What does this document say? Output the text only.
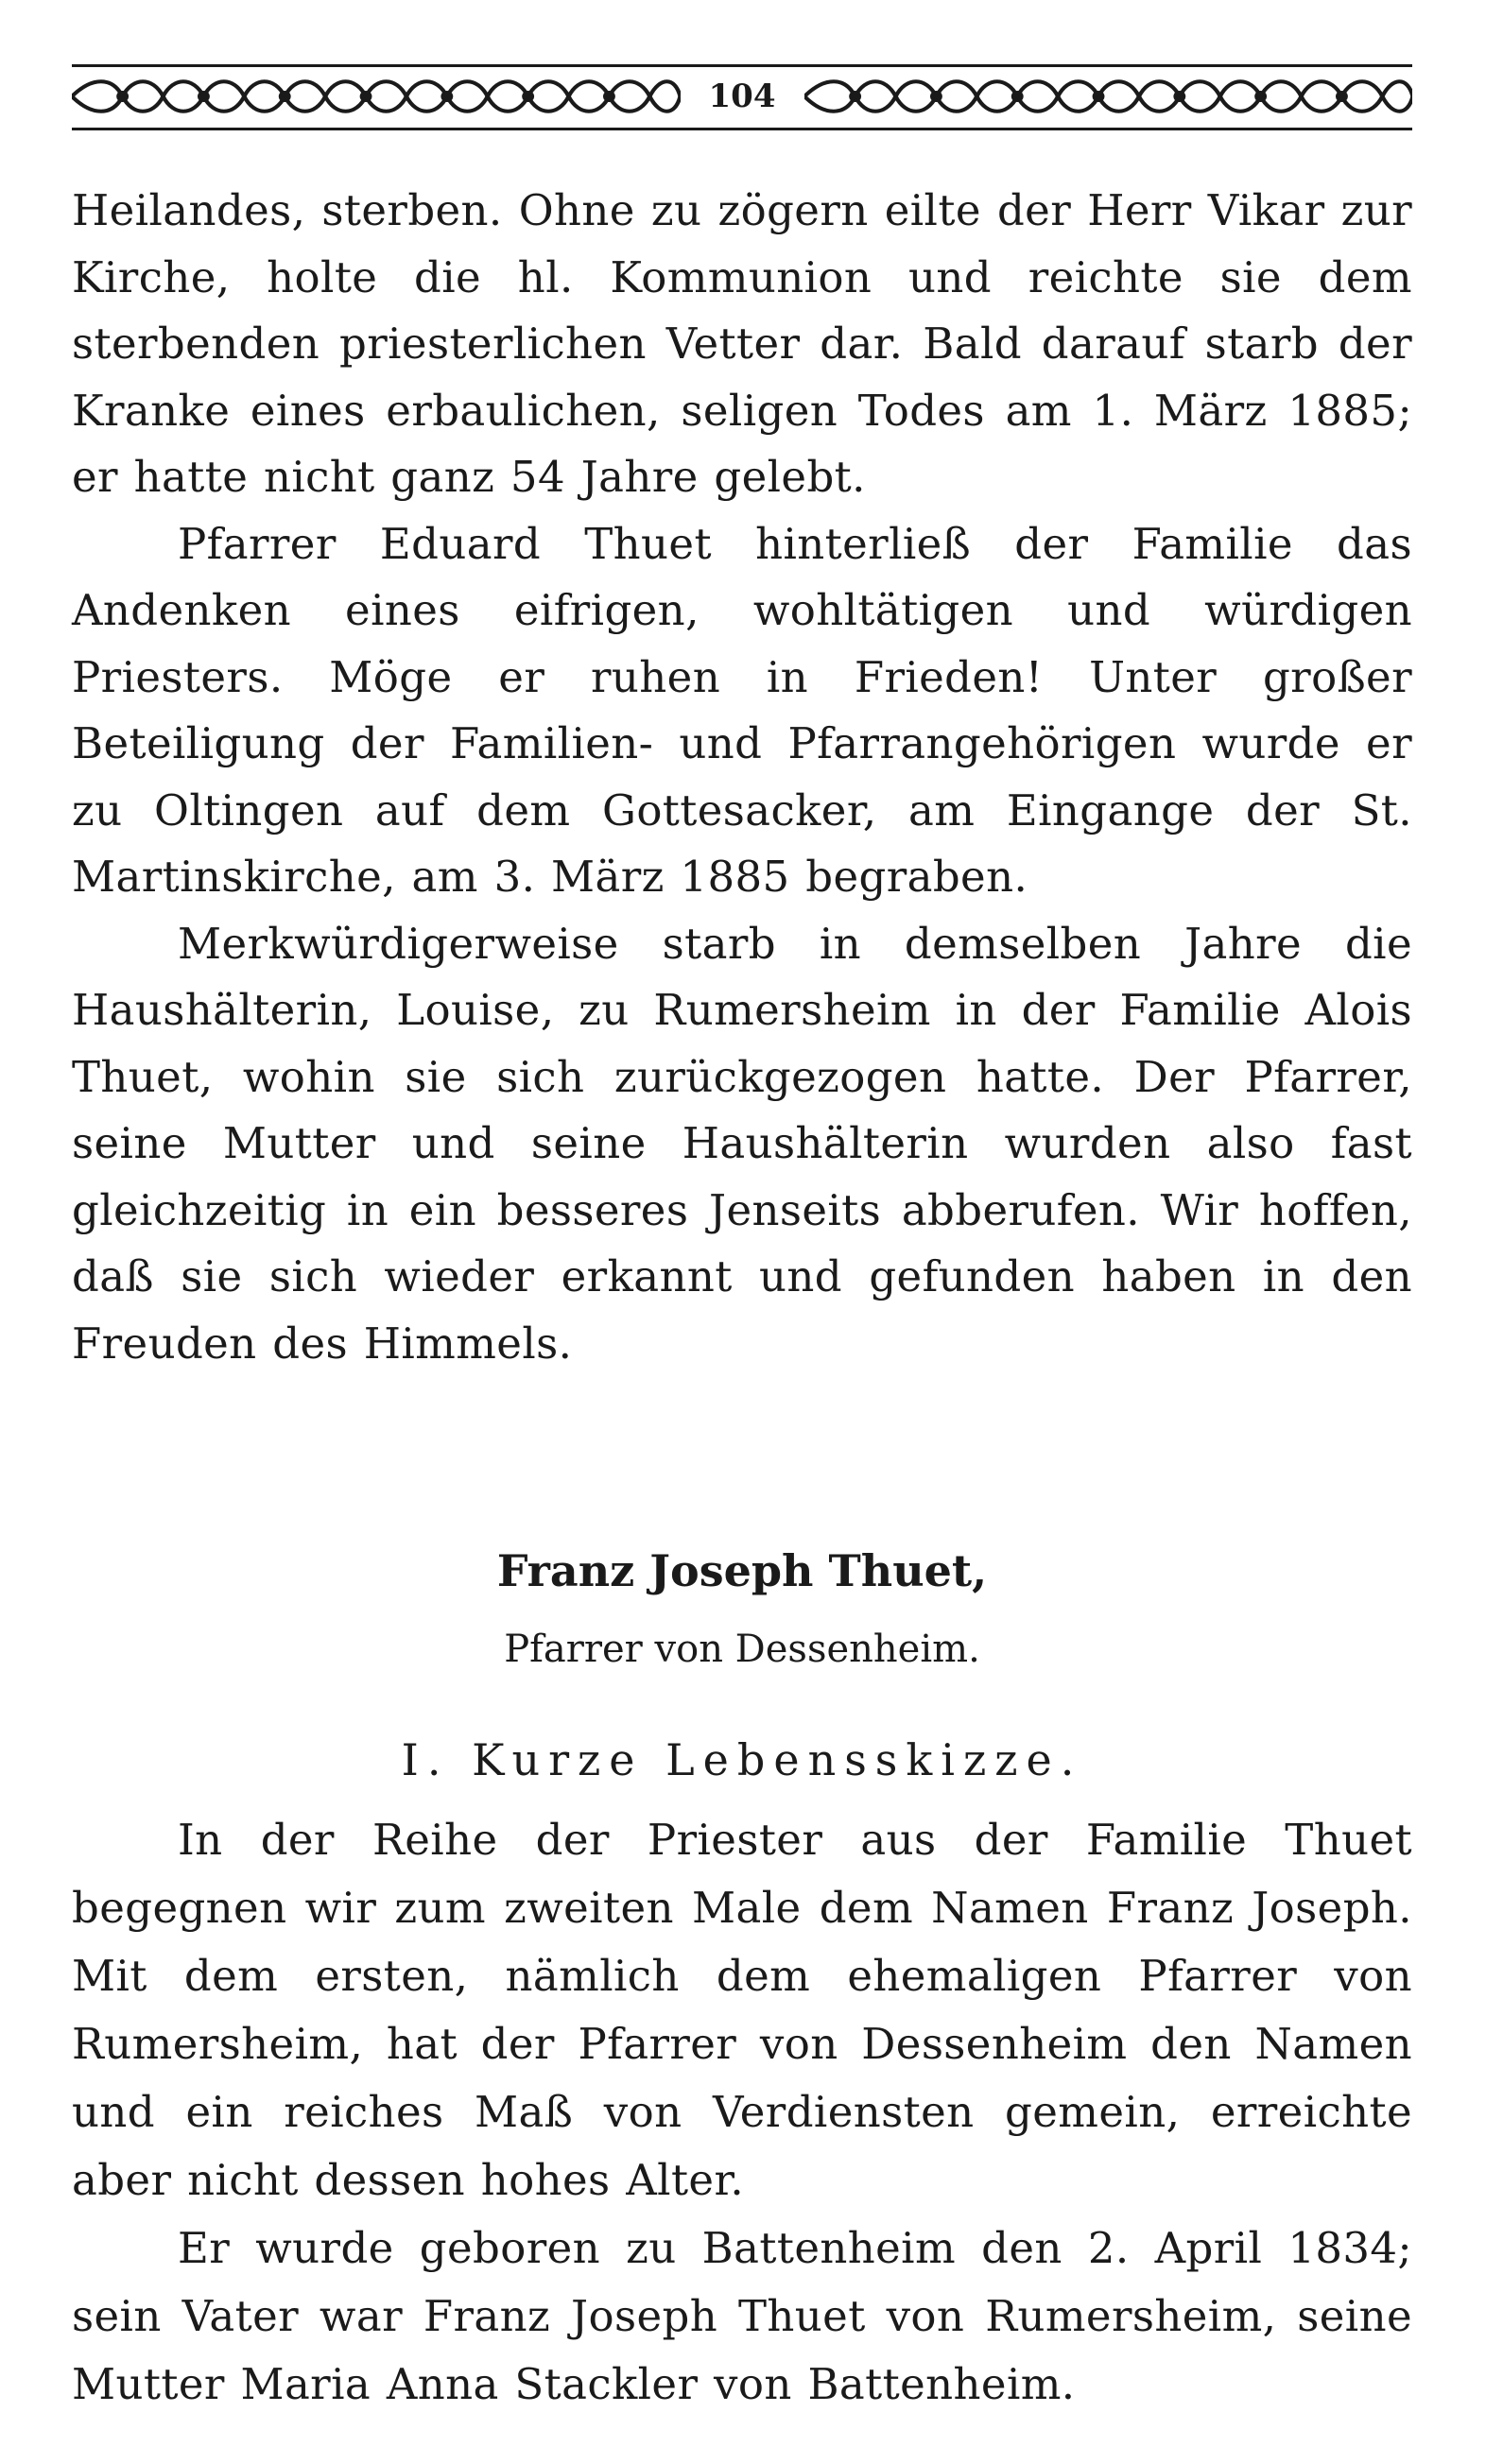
104

Heilandes, sterben. Ohne zu zögern eilte der Herr Vikar zur Kirche, holte die hl. Kommunion und reichte sie dem sterbenden priesterlichen Vetter dar. Bald darauf starb der Kranke eines erbaulichen, seligen Todes am 1. März 1885; er hatte nicht ganz 54 Jahre gelebt.

Pfarrer Eduard Thuet hinterließ der Familie das Andenken eines eifrigen, wohltätigen und würdigen Priesters. Möge er ruhen in Frieden! Unter großer Beteiligung der Familien- und Pfarrangehörigen wurde er zu Oltingen auf dem Gottesacker, am Eingange der St. Martinskirche, am 3. März 1885 begraben.

Merkwürdigerweise starb in demselben Jahre die Haushälterin, Louise, zu Rumersheim in der Familie Alois Thuet, wohin sie sich zurückgezogen hatte. Der Pfarrer, seine Mutter und seine Haushälterin wurden also fast gleichzeitig in ein besseres Jenseits abberufen. Wir hoffen, daß sie sich wieder erkannt und gefunden haben in den Freuden des Himmels.

Franz Joseph Thuet,

Pfarrer von Dessenheim.

I. Kurze Lebensskizze.

In der Reihe der Priester aus der Familie Thuet begegnen wir zum zweiten Male dem Namen Franz Joseph. Mit dem ersten, nämlich dem ehemaligen Pfarrer von Rumersheim, hat der Pfarrer von Dessenheim den Namen und ein reiches Maß von Verdiensten gemein, erreichte aber nicht dessen hohes Alter.

Er wurde geboren zu Battenheim den 2. April 1834; sein Vater war Franz Joseph Thuet von Rumersheim, seine Mutter Maria Anna Stackler von Battenheim.
